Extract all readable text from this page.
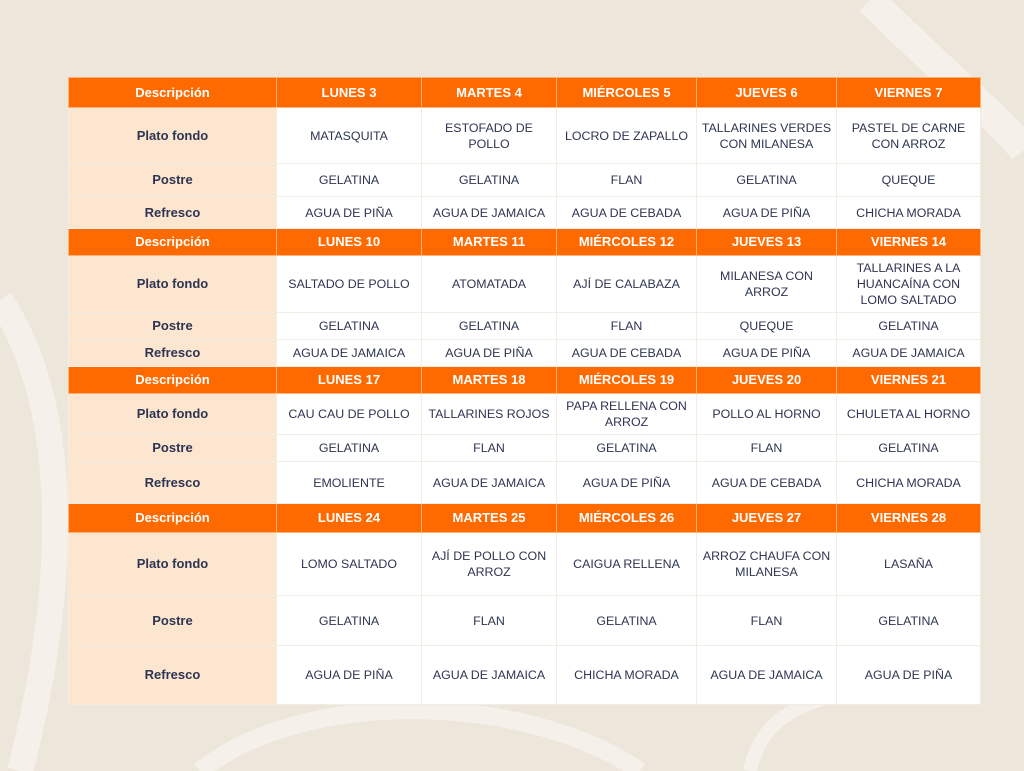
Descripción	LUNES 3	MARTES 4	MIÉRCOLES 5	JUEVES 6	VIERNES 7
Plato fondo	MATASQUITA	ESTOFADO DE POLLO	LOCRO DE ZAPALLO	TALLARINES VERDES CON MILANESA	PASTEL DE CARNE CON ARROZ
Postre	GELATINA	GELATINA	FLAN	GELATINA	QUEQUE
Refresco	AGUA DE PIÑA	AGUA DE JAMAICA	AGUA DE CEBADA	AGUA DE PIÑA	CHICHA MORADA
Descripción	LUNES 10	MARTES 11	MIÉRCOLES 12	JUEVES 13	VIERNES 14
Plato fondo	SALTADO DE POLLO	ATOMATADA	AJÍ DE CALABAZA	MILANESA CON ARROZ	TALLARINES A LA HUANCAÍNA CON LOMO SALTADO
Postre	GELATINA	GELATINA	FLAN	QUEQUE	GELATINA
Refresco	AGUA DE JAMAICA	AGUA DE PIÑA	AGUA DE CEBADA	AGUA DE PIÑA	AGUA DE JAMAICA
Descripción	LUNES 17	MARTES 18	MIÉRCOLES 19	JUEVES 20	VIERNES 21
Plato fondo	CAU CAU DE POLLO	TALLARINES ROJOS	PAPA RELLENA CON ARROZ	POLLO AL HORNO	CHULETA AL HORNO
Postre	GELATINA	FLAN	GELATINA	FLAN	GELATINA
Refresco	EMOLIENTE	AGUA DE JAMAICA	AGUA DE PIÑA	AGUA DE CEBADA	CHICHA MORADA
Descripción	LUNES 24	MARTES 25	MIÉRCOLES 26	JUEVES 27	VIERNES 28
Plato fondo	LOMO SALTADO	AJÍ DE POLLO CON ARROZ	CAIGUA RELLENA	ARROZ CHAUFA CON MILANESA	LASAÑA
Postre	GELATINA	FLAN	GELATINA	FLAN	GELATINA
Refresco	AGUA DE PIÑA	AGUA DE JAMAICA	CHICHA MORADA	AGUA DE JAMAICA	AGUA DE PIÑA
